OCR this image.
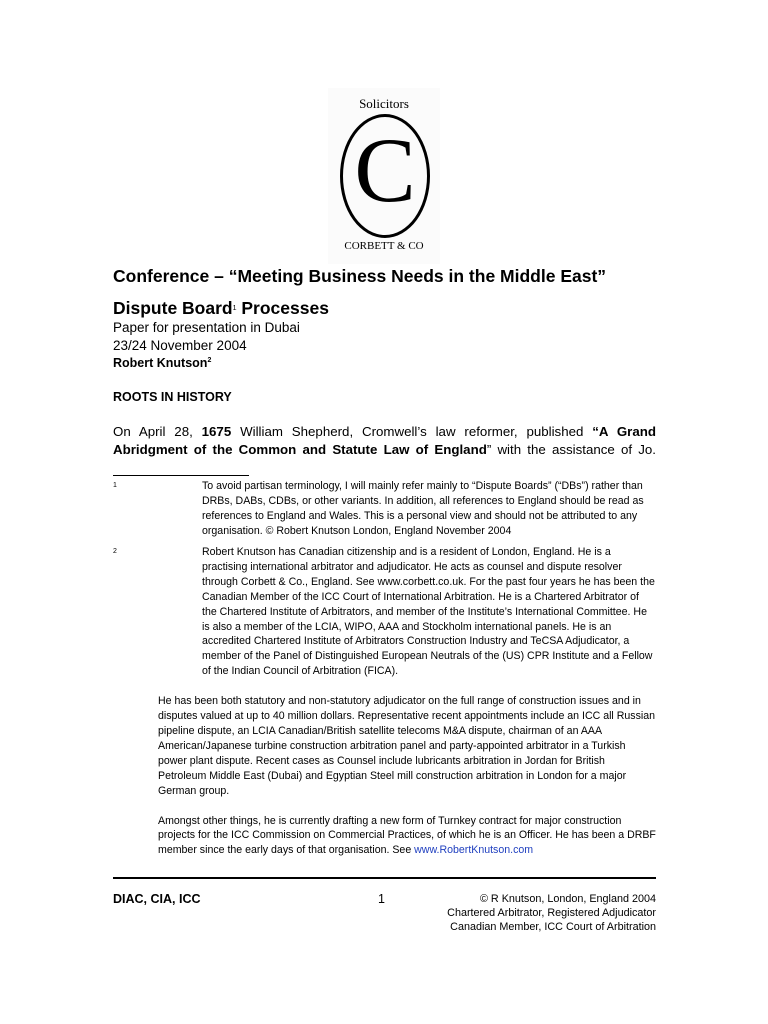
Solicitors
C
CORBETT & CO
Conference – “Meeting Business Needs in the Middle East”
Dispute Board$^1$ Processes
Paper for presentation in Dubai
23/24 November 2004
Robert Knutson$^2$
ROOTS IN HISTORY
On April 28, 1675 William Shepherd, Cromwell’s law reformer, published “A Grand
Abridgment of the Common and Statute Law of England” with the assistance of Jo.
1	To avoid partisan terminology, I will mainly refer mainly to “Dispute Boards” (“DBs”) rather than DRBs, DABs, CDBs, or other variants. In addition, all references to England should be read as references to England and Wales. This is a personal view and should not be attributed to any organisation. © Robert Knutson London, England November 2004

2	Robert Knutson has Canadian citizenship and is a resident of London, England. He is a practising international arbitrator and adjudicator. He acts as counsel and dispute resolver through Corbett & Co., England. See www.corbett.co.uk. For the past four years he has been the Canadian Member of the ICC Court of International Arbitration. He is a Chartered Arbitrator of the Chartered Institute of Arbitrators, and member of the Institute’s International Committee. He is also a member of the LCIA, WIPO, AAA and Stockholm international panels. He is an accredited Chartered Institute of Arbitrators Construction Industry and TeCSA Adjudicator, a member of the Panel of Distinguished European Neutrals of the (US) CPR Institute and a Fellow of the Indian Council of Arbitration (FICA).

He has been both statutory and non-statutory adjudicator on the full range of construction issues and in disputes valued at up to 40 million dollars. Representative recent appointments include an ICC all Russian pipeline dispute, an LCIA Canadian/British satellite telecoms M&A dispute, chairman of an AAA American/Japanese turbine construction arbitration panel and party-appointed arbitrator in a Turkish power plant dispute. Recent cases as Counsel include lubricants arbitration in Jordan for British Petroleum Middle East (Dubai) and Egyptian Steel mill construction arbitration in London for a major German group.

Amongst other things, he is currently drafting a new form of Turnkey contract for major construction projects for the ICC Commission on Commercial Practices, of which he is an Officer. He has been a DRBF member since the early days of that organisation. See www.RobertKnutson.com

DIAC, CIA, ICC	1	© R Knutson, London, England 2004
Chartered Arbitrator, Registered Adjudicator
Canadian Member, ICC Court of Arbitration
